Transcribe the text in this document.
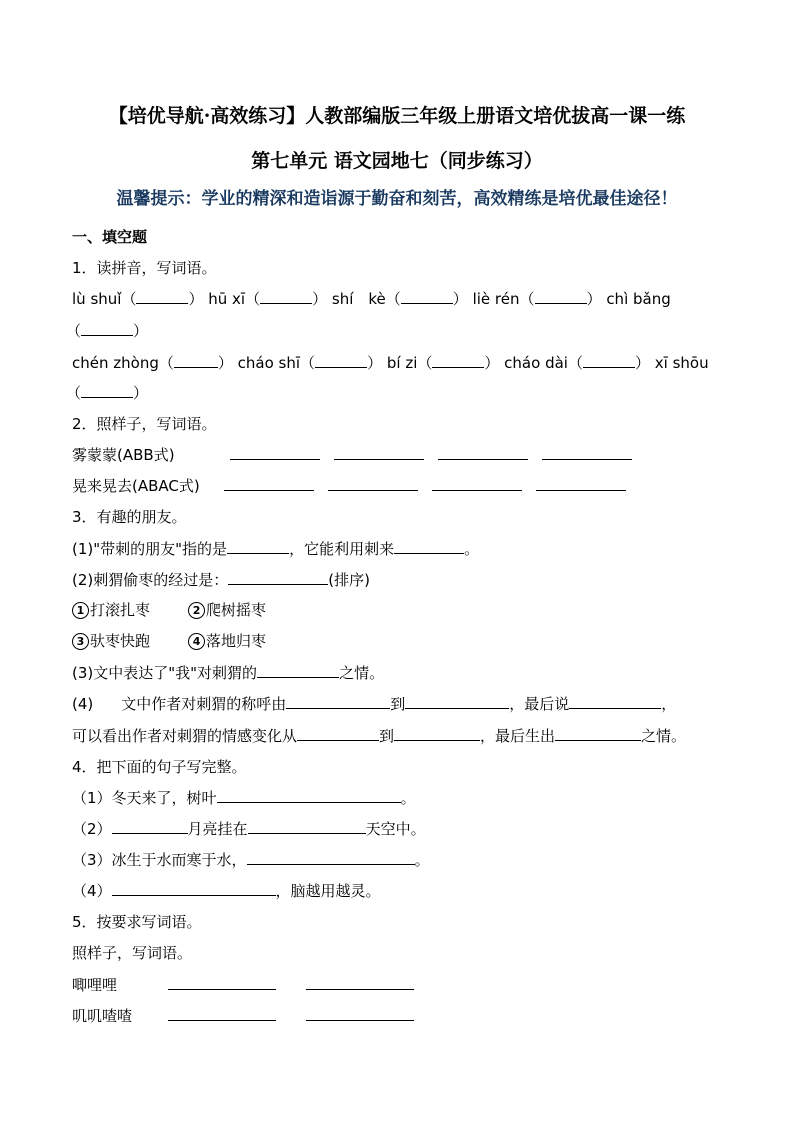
【培优导航·高效练习】人教部编版三年级上册语文培优拔高一课一练
第七单元 语文园地七（同步练习）
温馨提示：学业的精深和造诣源于勤奋和刻苦，高效精练是培优最佳途径！
一、填空题
1．读拼音，写词语。
lù shuǐ（	） hū xī（	） shí　kè（	） liè rén（	） chì bǎng
（	）
chén zhòng（	） cháo shī（	） bí zi（	） cháo dài（	） xī shōu
（	）
2．照样子，写词语。
雾蒙蒙(ABB式)
晃来晃去(ABAC式)
3．有趣的朋友。
(1)"带刺的朋友"指的是	，它能利用刺来	。
(2)刺猬偷枣的经过是：	(排序)
1 打滚扎枣	2 爬树摇枣
3 驮枣快跑	4 落地归枣
(3)文中表达了"我"对刺猬的	之情。
(4) 文中作者对刺猬的称呼由	到	，最后说	，
可以看出作者对刺猬的情感变化从	到	，最后生出	之情。
4．把下面的句子写完整。
（1）冬天来了，树叶	。
（2）	月亮挂在	天空中。
（3）冰生于水而寒于水，	。
（4）	，脑越用越灵。
5．按要求写词语。
照样子，写词语。
唧哩哩
叽叽喳喳
